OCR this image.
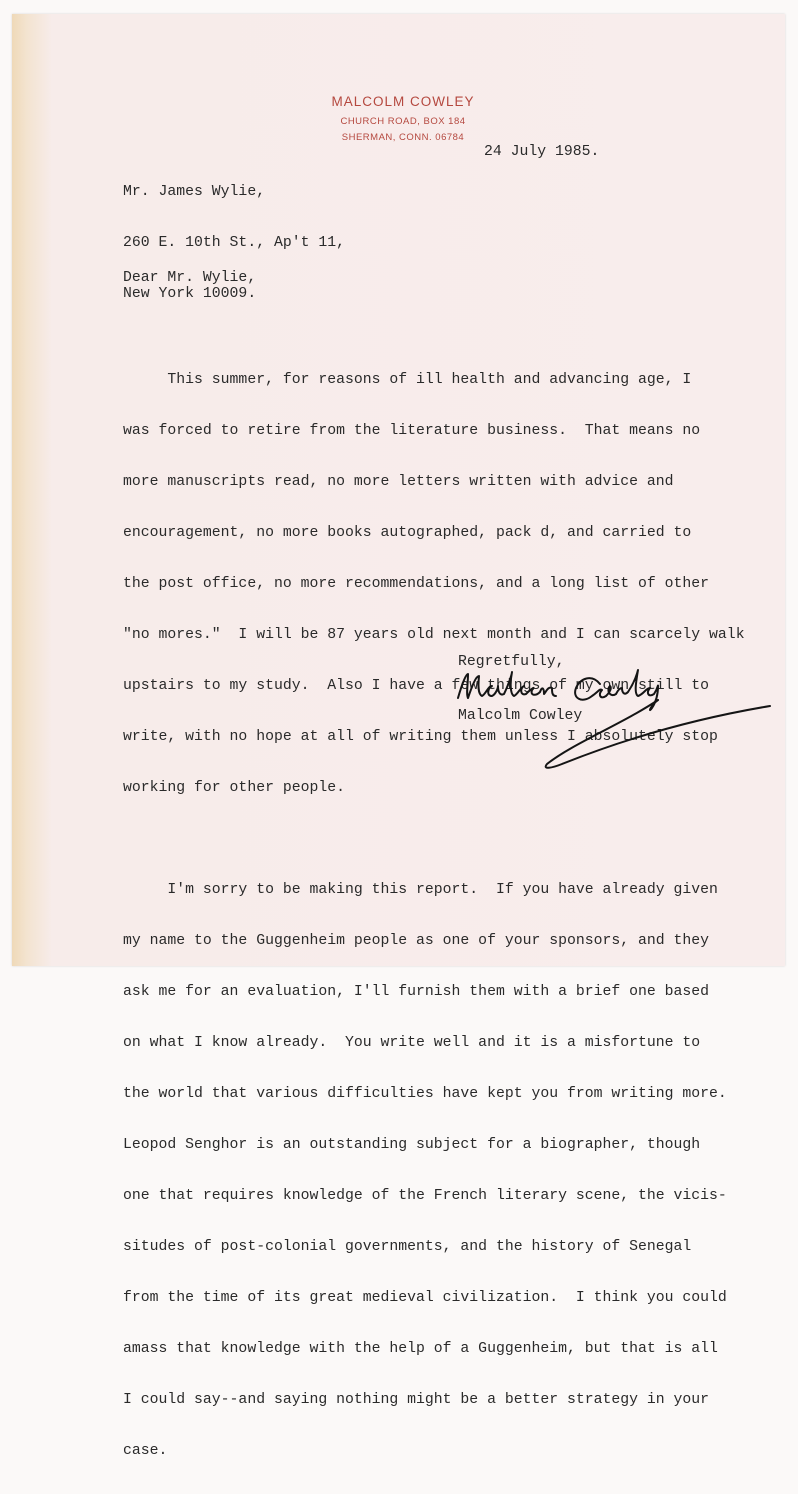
MALCOLM COWLEY
CHURCH ROAD, BOX 184
SHERMAN, CONN. 06784
24 July 1985.

Mr. James Wylie,

260 E. 10th St., Ap't 11,

New York 10009.

Dear Mr. Wylie,

This summer, for reasons of ill health and advancing age, I

was forced to retire from the literature business.  That means no

more manuscripts read, no more letters written with advice and

encouragement, no more books autographed, pack d, and carried to

the post office, no more recommendations, and a long list of other

"no mores."  I will be 87 years old next month and I can scarcely walk

upstairs to my study.  Also I have a few things of my own still to

write, with no hope at all of writing them unless I absolutely stop

working for other people.

I'm sorry to be making this report.  If you have already given

my name to the Guggenheim people as one of your sponsors, and they

ask me for an evaluation, I'll furnish them with a brief one based

on what I know already.  You write well and it is a misfortune to

the world that various difficulties have kept you from writing more.

Leopod Senghor is an outstanding subject for a biographer, though

one that requires knowledge of the French literary scene, the vicis-

situdes of post-colonial governments, and the history of Senegal

from the time of its great medieval civilization.  I think you could

amass that knowledge with the help of a Guggenheim, but that is all

I could say--and saying nothing might be a better strategy in your

case.

Regretfully,
Malcolm Cowley
